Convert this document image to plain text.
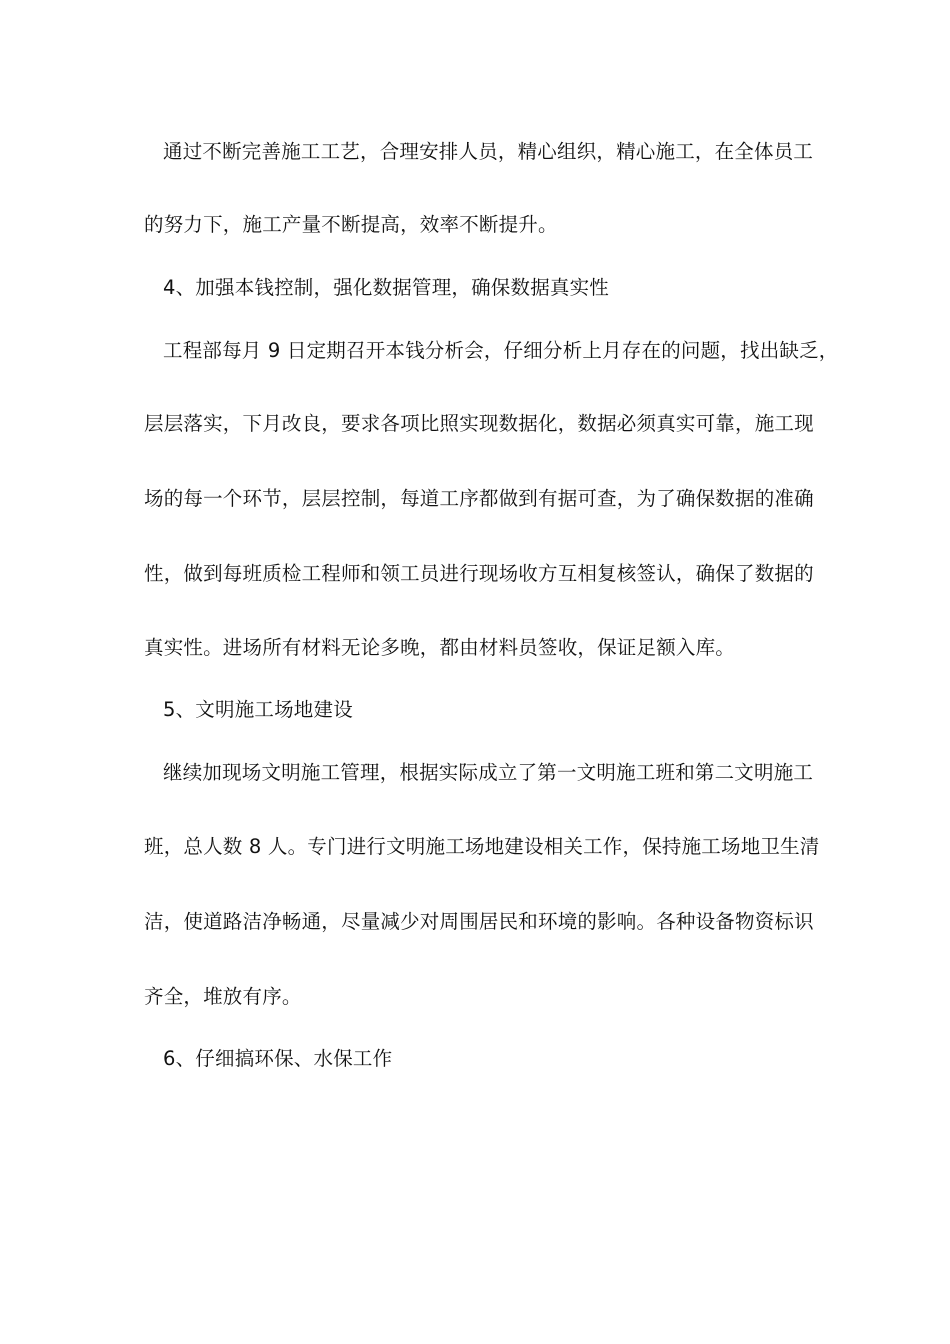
通过不断完善施工工艺，合理安排人员，精心组织，精心施工，在全体员工
的努力下，施工产量不断提高，效率不断提升。
4、加强本钱控制，强化数据管理，确保数据真实性
工程部每月 9 日定期召开本钱分析会，仔细分析上月存在的问题，找出缺乏，
层层落实，下月改良，要求各项比照实现数据化，数据必须真实可靠，施工现
场的每一个环节，层层控制，每道工序都做到有据可查，为了确保数据的准确
性，做到每班质检工程师和领工员进行现场收方互相复核签认，确保了数据的
真实性。进场所有材料无论多晚，都由材料员签收，保证足额入库。
5、文明施工场地建设
继续加现场文明施工管理，根据实际成立了第一文明施工班和第二文明施工
班，总人数 8 人。专门进行文明施工场地建设相关工作，保持施工场地卫生清
洁，使道路洁净畅通，尽量减少对周围居民和环境的影响。各种设备物资标识
齐全，堆放有序。
6、仔细搞环保、水保工作
